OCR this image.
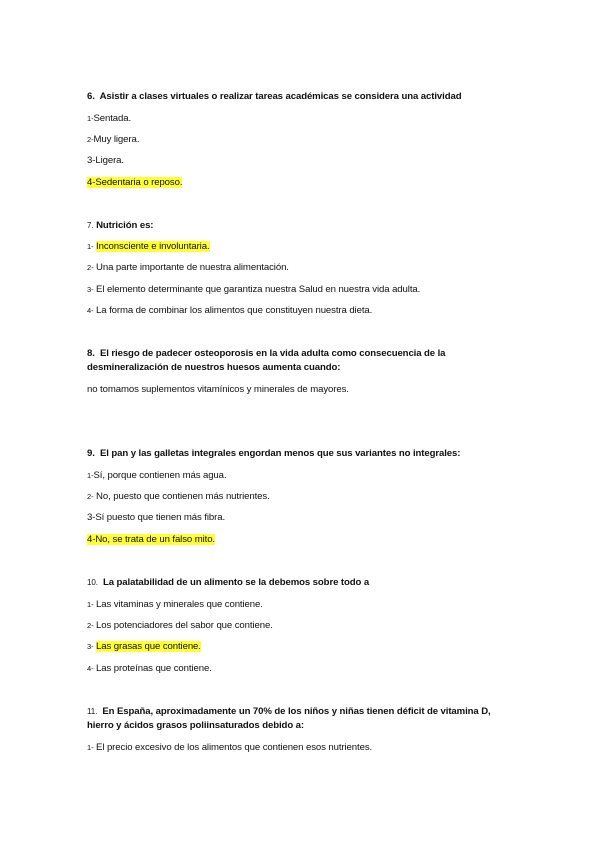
6. Asistir a clases virtuales o realizar tareas académicas se considera una actividad
1-Sentada.
2-Muy ligera.
3-Ligera.
4-Sedentaria o reposo.
7. Nutrición es:
1- Inconsciente e involuntaria.
2- Una parte importante de nuestra alimentación.
3- El elemento determinante que garantiza nuestra Salud en nuestra vida adulta.
4- La forma de combinar los alimentos que constituyen nuestra dieta.
8. El riesgo de padecer osteoporosis en la vida adulta como consecuencia de la
desmineralización de nuestros huesos aumenta cuando:
no tomamos suplementos vitamínicos y minerales de mayores.
9. El pan y las galletas integrales engordan menos que sus variantes no integrales:
1-Sí, porque contienen más agua.
2- No, puesto que contienen más nutrientes.
3-Sí puesto que tienen más fibra.
4-No, se trata de un falso mito.
10. La palatabilidad de un alimento se la debemos sobre todo a
1- Las vitaminas y minerales que contiene.
2- Los potenciadores del sabor que contiene.
3- Las grasas que contiene.
4- Las proteínas que contiene.
11. En España, aproximadamente un 70% de los niños y niñas tienen déficit de vitamina D,
hierro y ácidos grasos poliinsaturados debido a:
1- El precio excesivo de los alimentos que contienen esos nutrientes.
